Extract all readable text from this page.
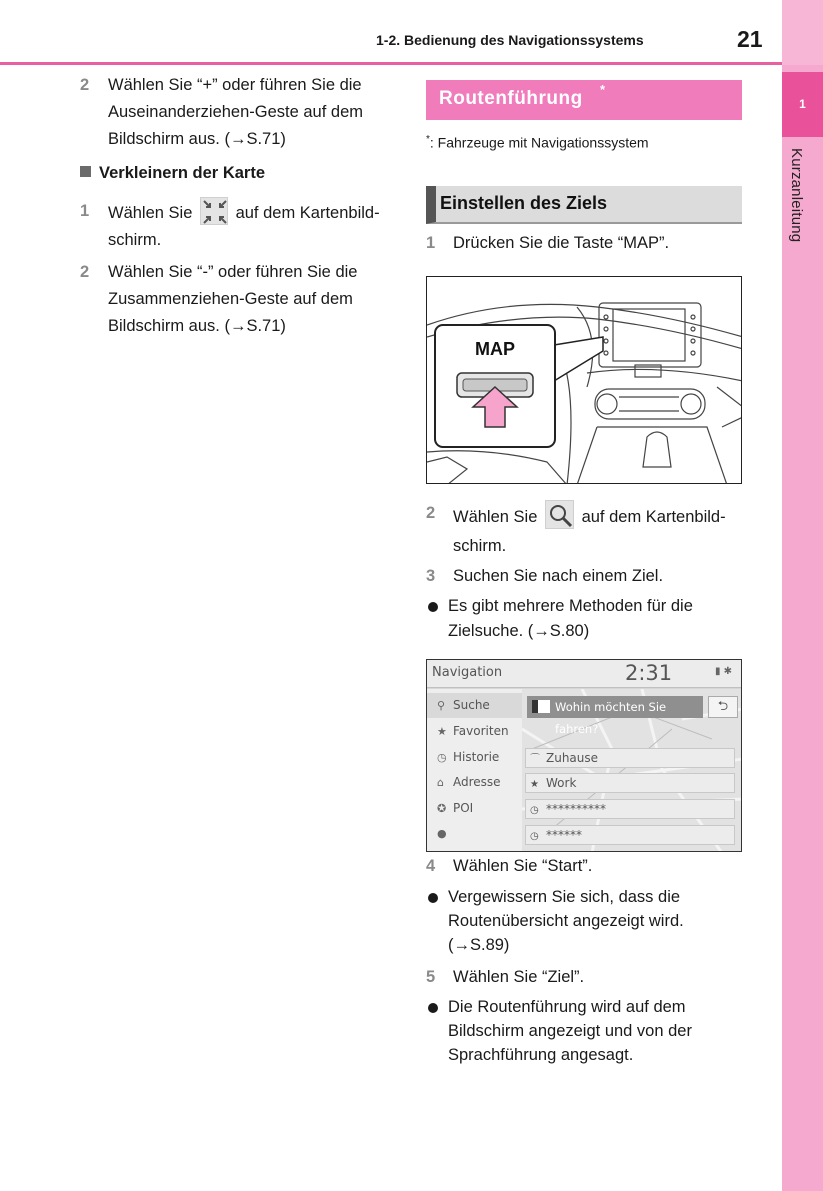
1-2. Bedienung des Navigationssystems	21
1
Kurzanleitung
2 Wählen Sie “+” oder führen Sie die
Auseinanderziehen-Geste auf dem
Bildschirm aus. (→S.71)
Verkleinern der Karte
1 Wählen Sie	auf dem Kartenbild-
schirm.
2 Wählen Sie “-” oder führen Sie die
Zusammenziehen-Geste auf dem
Bildschirm aus. (→S.71)
Routenführung *
*: Fahrzeuge mit Navigationssystem
Einstellen des Ziels
1 Drücken Sie die Taste “MAP”.
MAP
2 Wählen Sie	auf dem Kartenbild-
schirm.
3 Suchen Sie nach einem Ziel.
Es gibt mehrere Methoden für die
Zielsuche. (→S.80)
Navigation	2:31	▮ ✱
⚲ Suche
★ Favoriten
◷ Historie
⌂ Adresse
✪ POI
●
Wohin möchten Sie fahren?
⮌
⌒ Zuhause
★ Work
◷ **********
◷ ******
4 Wählen Sie “Start”.
Vergewissern Sie sich, dass die
Routenübersicht angezeigt wird.
(→S.89)
5 Wählen Sie “Ziel”.
Die Routenführung wird auf dem
Bildschirm angezeigt und von der
Sprachführung angesagt.
